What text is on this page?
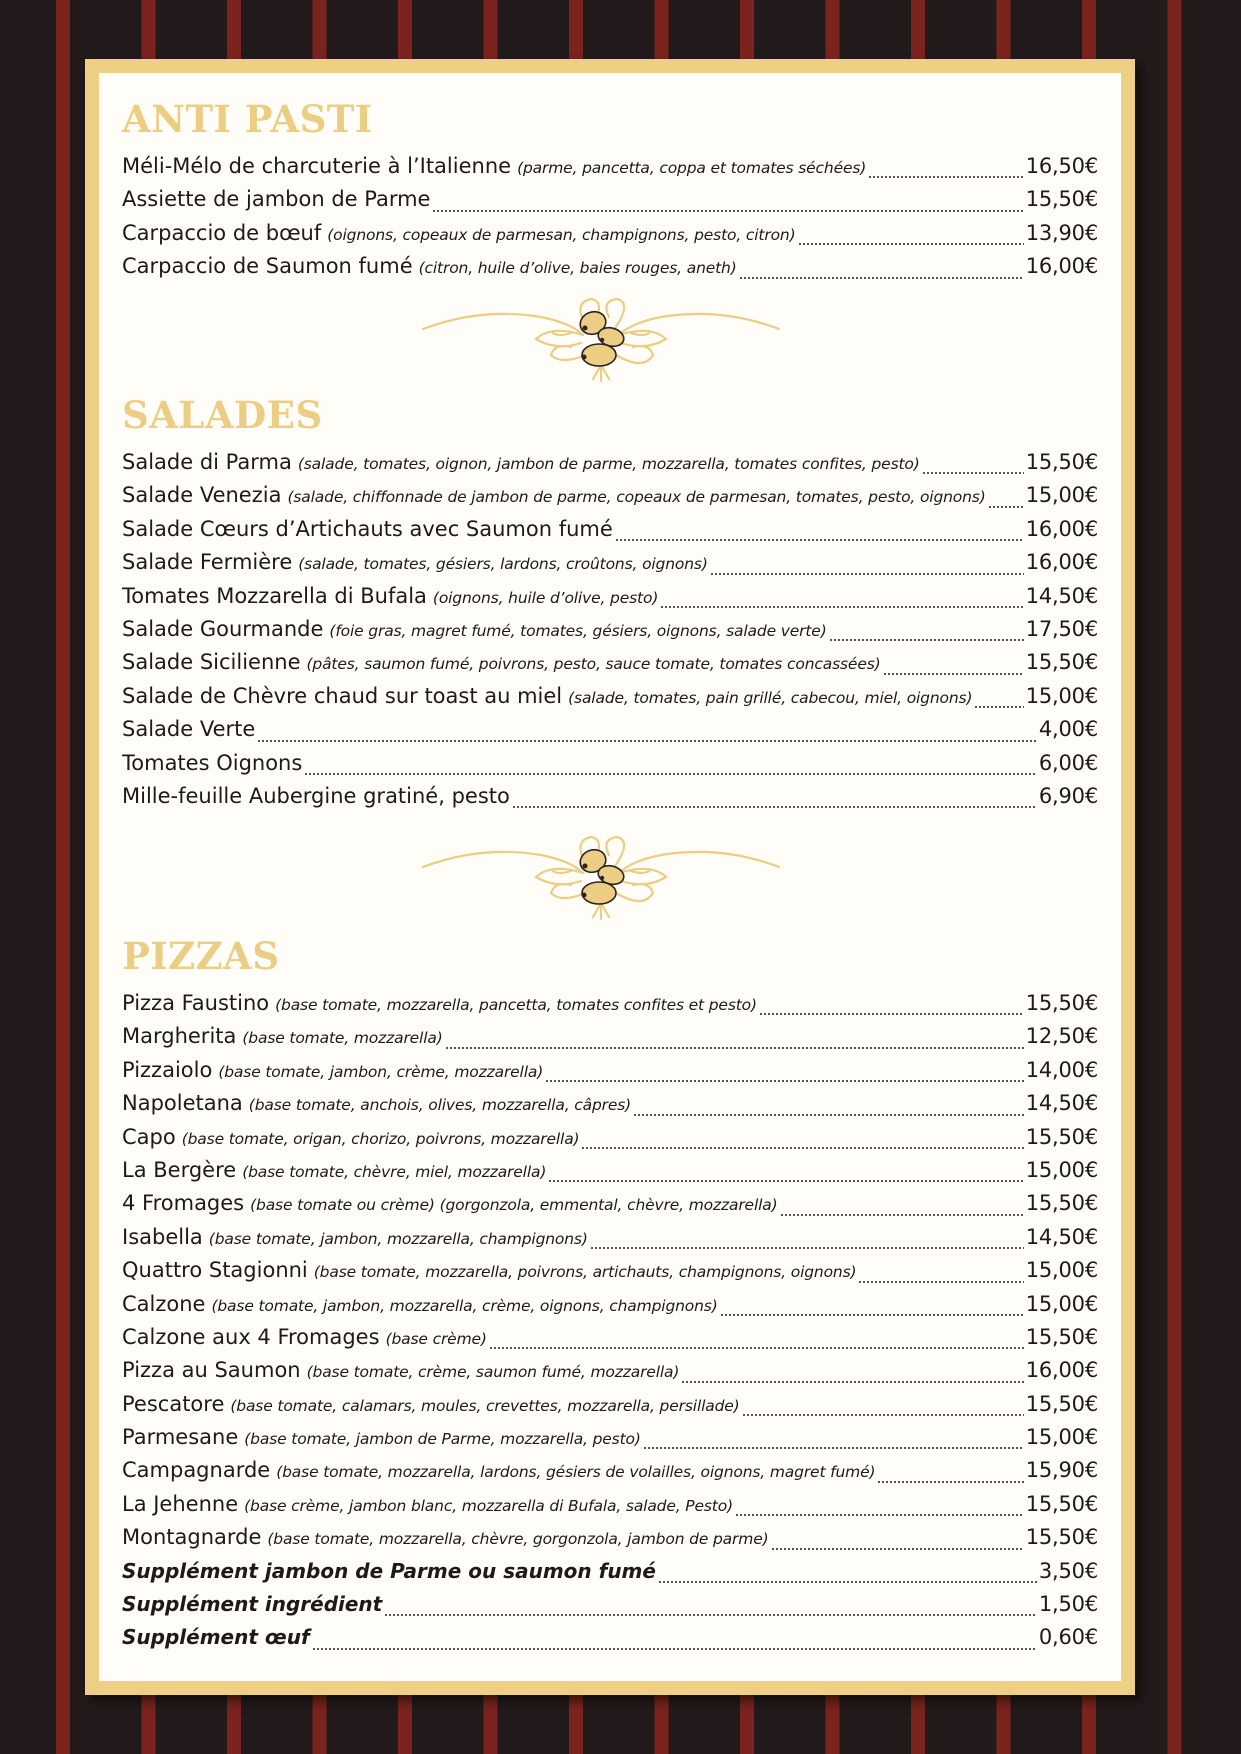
ANTI PASTI
Méli-Mélo de charcuterie à l’Italienne (parme, pancetta, coppa et tomates séchées)	16,50€
Assiette de jambon de Parme	15,50€
Carpaccio de bœuf (oignons, copeaux de parmesan, champignons, pesto, citron)	13,90€
Carpaccio de Saumon fumé (citron, huile d’olive, baies rouges, aneth)	16,00€
SALADES
Salade di Parma (salade, tomates, oignon, jambon de parme, mozzarella, tomates confites, pesto)	15,50€
Salade Venezia (salade, chiffonnade de jambon de parme, copeaux de parmesan, tomates, pesto, oignons) 15,00€
Salade Cœurs d’Artichauts avec Saumon fumé	16,00€
Salade Fermière (salade, tomates, gésiers, lardons, croûtons, oignons)	16,00€
Tomates Mozzarella di Bufala (oignons, huile d’olive, pesto)	14,50€
Salade Gourmande (foie gras, magret fumé, tomates, gésiers, oignons, salade verte)	17,50€
Salade Sicilienne (pâtes, saumon fumé, poivrons, pesto, sauce tomate, tomates concassées)	15,50€
Salade de Chèvre chaud sur toast au miel (salade, tomates, pain grillé, cabecou, miel, oignons)	15,00€
Salade Verte	4,00€
Tomates Oignons	6,00€
Mille-feuille Aubergine gratiné, pesto	6,90€
PIZZAS
Pizza Faustino (base tomate, mozzarella, pancetta, tomates confites et pesto)	15,50€
Margherita (base tomate, mozzarella)	12,50€
Pizzaiolo (base tomate, jambon, crème, mozzarella)	14,00€
Napoletana (base tomate, anchois, olives, mozzarella, câpres)	14,50€
Capo (base tomate, origan, chorizo, poivrons, mozzarella)	15,50€
La Bergère (base tomate, chèvre, miel, mozzarella)	15,00€
4 Fromages (base tomate ou crème) (gorgonzola, emmental, chèvre, mozzarella)	15,50€
Isabella (base tomate, jambon, mozzarella, champignons)	14,50€
Quattro Stagionni (base tomate, mozzarella, poivrons, artichauts, champignons, oignons)	15,00€
Calzone (base tomate, jambon, mozzarella, crème, oignons, champignons)	15,00€
Calzone aux 4 Fromages (base crème)	15,50€
Pizza au Saumon (base tomate, crème, saumon fumé, mozzarella)	16,00€
Pescatore (base tomate, calamars, moules, crevettes, mozzarella, persillade)	15,50€
Parmesane (base tomate, jambon de Parme, mozzarella, pesto)	15,00€
Campagnarde (base tomate, mozzarella, lardons, gésiers de volailles, oignons, magret fumé)	15,90€
La Jehenne (base crème, jambon blanc, mozzarella di Bufala, salade, Pesto)	15,50€
Montagnarde (base tomate, mozzarella, chèvre, gorgonzola, jambon de parme)	15,50€
Supplément jambon de Parme ou saumon fumé	3,50€
Supplément ingrédient	1,50€
Supplément œuf	0,60€
